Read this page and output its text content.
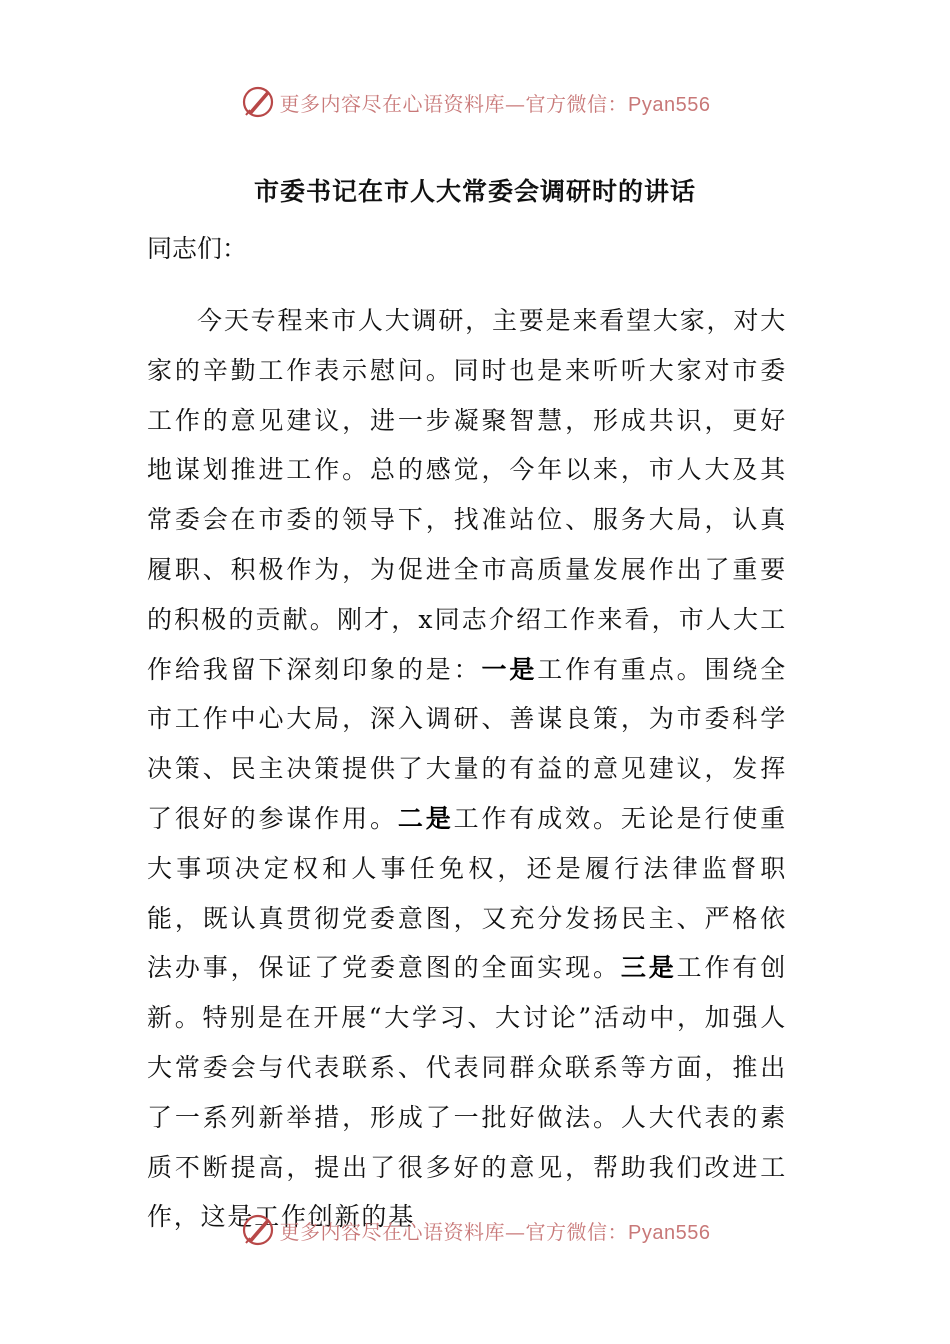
更多内容尽在心语资料库—官方微信：Pyan556
市委书记在市人大常委会调研时的讲话
同志们：

今天专程来市人大调研，主要是来看望大家，对大家的辛勤工作表示慰问。同时也是来听听大家对市委工作的意见建议，进一步凝聚智慧，形成共识，更好地谋划推进工作。总的感觉，今年以来，市人大及其常委会在市委的领导下，找准站位、服务大局，认真履职、积极作为，为促进全市高质量发展作出了重要的积极的贡献。刚才，x同志介绍工作来看，市人大工作给我留下深刻印象的是：一是工作有重点。围绕全市工作中心大局，深入调研、善谋良策，为市委科学决策、民主决策提供了大量的有益的意见建议，发挥了很好的参谋作用。二是工作有成效。无论是行使重大事项决定权和人事任免权，还是履行法律监督职能，既认真贯彻党委意图，又充分发扬民主、严格依法办事，保证了党委意图的全面实现。三是工作有创新。特别是在开展“大学习、大讨论”活动中，加强人大常委会与代表联系、代表同群众联系等方面，推出了一系列新举措，形成了一批好做法。人大代表的素质不断提高，提出了很多好的意见，帮助我们改进工作，这是工作创新的基

更多内容尽在心语资料库—官方微信：Pyan556
